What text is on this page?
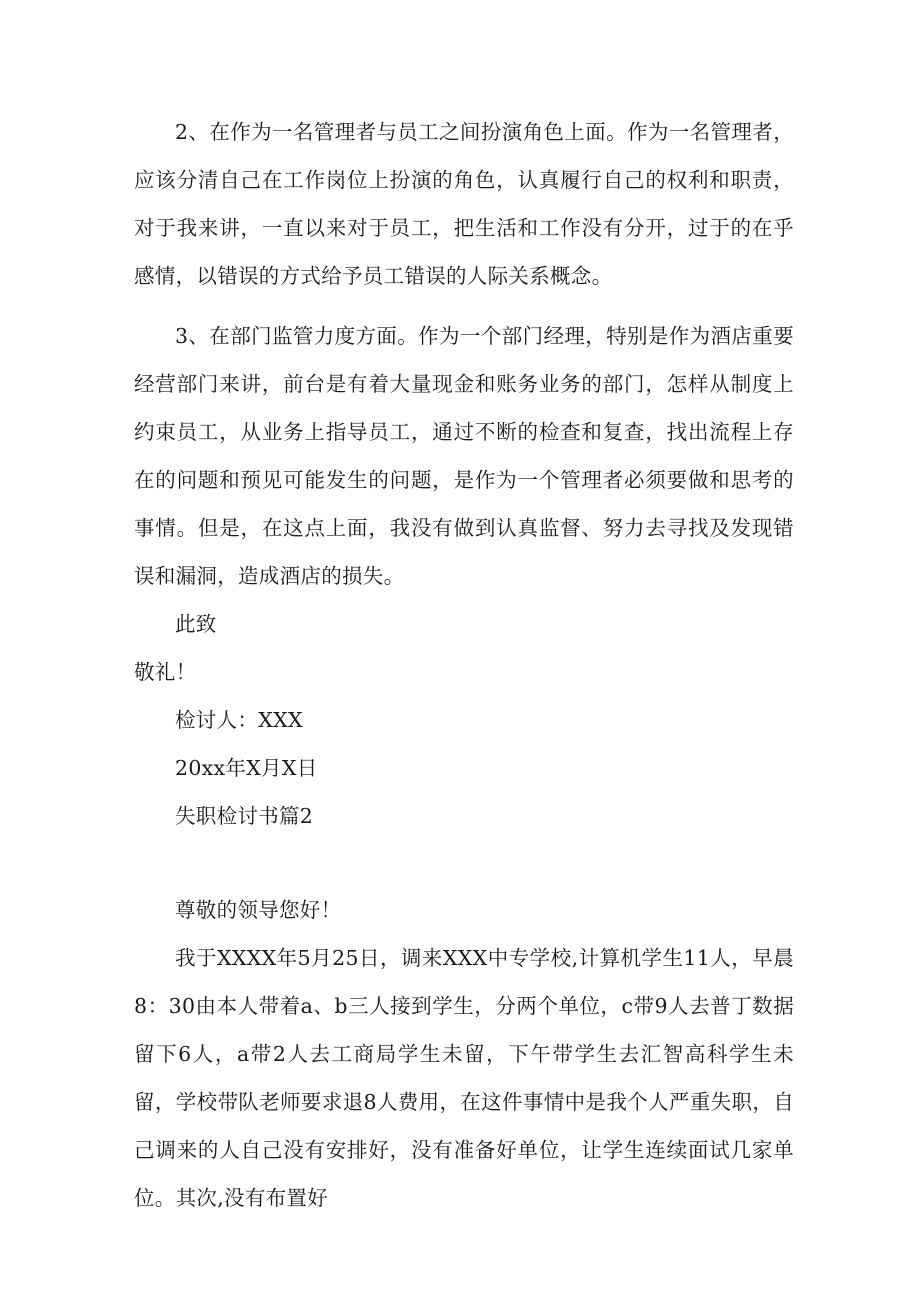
2、在作为一名管理者与员工之间扮演角色上面。作为一名管理者，应该分清自己在工作岗位上扮演的角色，认真履行自己的权利和职责，对于我来讲，一直以来对于员工，把生活和工作没有分开，过于的在乎感情，以错误的方式给予员工错误的人际关系概念。

3、在部门监管力度方面。作为一个部门经理，特别是作为酒店重要经营部门来讲，前台是有着大量现金和账务业务的部门，怎样从制度上约束员工，从业务上指导员工，通过不断的检查和复查，找出流程上存在的问题和预见可能发生的问题，是作为一个管理者必须要做和思考的事情。但是，在这点上面，我没有做到认真监督、努力去寻找及发现错误和漏洞，造成酒店的损失。

此致

敬礼！

检讨人：XXX

20xx年X月X日

失职检讨书篇2

尊敬的领导您好！

我于XXXX年5月25日，调来XXX中专学校,计算机学生11人，早晨8：30由本人带着a、b三人接到学生，分两个单位，c带9人去普丁数据留下6人，a带2人去工商局学生未留，下午带学生去汇智高科学生未留，学校带队老师要求退8人费用，在这件事情中是我个人严重失职，自己调来的人自己没有安排好，没有准备好单位，让学生连续面试几家单位。其次,没有布置好
